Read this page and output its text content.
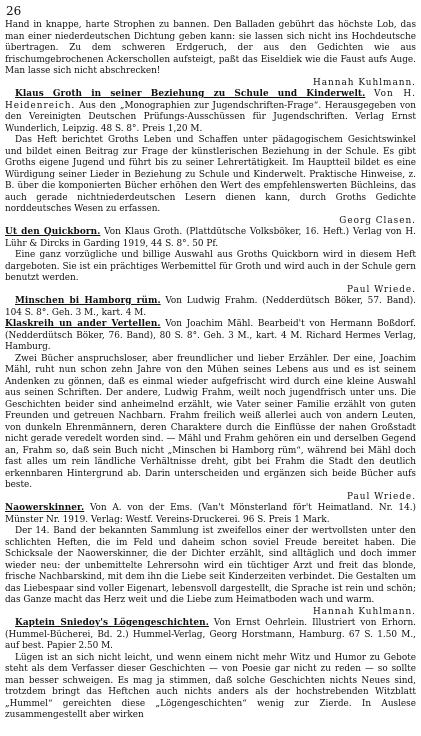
26

Hand in knappe, harte Strophen zu bannen. Den Balladen gebührt das höchste Lob, das man einer niederdeutschen Dichtung geben kann: sie lassen sich nicht ins Hochdeutsche übertragen. Zu dem schweren Erdgeruch, der aus den Gedichten wie aus frischumgebrochenen Ackerschollen aufsteigt, paßt das Eiseldiek wie die Faust aufs Auge. Man lasse sich nicht abschrecken!
Hannah Kuhlmann.

Klaus Groth in seiner Beziehung zu Schule und Kinderwelt. Von H. Heidenreich. Aus den „Monographien zur Jugendschriften-Frage“. Herausgegeben von den Vereinigten Deutschen Prüfungs-Ausschüssen für Jugendschriften. Verlag Ernst Wunderlich, Leipzig. 48 S. 8°. Preis 1,20 M.

Das Heft berichtet Groths Leben und Schaffen unter pädagogischem Gesichtswinkel und bildet einen Beitrag zur Frage der künstlerischen Beziehung in der Schule. Es gibt Groths eigene Jugend und führt bis zu seiner Lehrertätigkeit. Im Hauptteil bildet es eine Würdigung seiner Lieder in Beziehung zu Schule und Kinderwelt. Praktische Hinweise, z. B. über die komponierten Bücher erhöhen den Wert des empfehlenswerten Büchleins, das auch gerade nichtniederdeutschen Lesern dienen kann, durch Groths Gedichte norddeutsches Wesen zu erfassen.
Georg Clasen.

Ut den Quickborn. Von Klaus Groth. (Plattdütsche Volksböker, 16. Heft.) Verlag von H. Lühr & Dircks in Garding 1919, 44 S. 8°. 50 Pf.

Eine ganz vorzügliche und billige Auswahl aus Groths Quickborn wird in diesem Heft dargeboten. Sie ist ein prächtiges Werbemittel für Groth und wird auch in der Schule gern benutzt werden.
Paul Wriede.

Minschen bi Hamborg rüm. Von Ludwig Frahm. (Nedderdütsch Böker, 57. Band). 104 S. 8°. Geh. 3 M., kart. 4 M.

Klaskreih un ander Vertellen. Von Joachim Mähl. Bearbeid't von Hermann Boßdorf. (Nedderdütsch Böker, 76. Band), 80 S. 8°. Geh. 3 M., kart. 4 M. Richard Hermes Verlag, Hamburg.

Zwei Bücher anspruchsloser, aber freundlicher und lieber Erzähler. Der eine, Joachim Mähl, ruht nun schon zehn Jahre von den Mühen seines Lebens aus und es ist seinem Andenken zu gönnen, daß es einmal wieder aufgefrischt wird durch eine kleine Auswahl aus seinen Schriften. Der andere, Ludwig Frahm, weilt noch jugendfrisch unter uns. Die Geschichten beider sind anheimelnd erzählt, wie Vater seiner Familie erzählt von guten Freunden und getreuen Nachbarn. Frahm freilich weiß allerlei auch von andern Leuten, von dunkeln Ehrenmännern, deren Charaktere durch die Einflüsse der nahen Großstadt nicht gerade veredelt worden sind. — Mähl und Frahm gehören ein und derselben Gegend an, Frahm so, daß sein Buch nicht „Minschen bi Hamborg rüm“, während bei Mähl doch fast alles um rein ländliche Verhältnisse dreht, gibt bei Frahm die Stadt den deutlich erkennbaren Hintergrund ab. Darin unterscheiden und ergänzen sich beide Bücher aufs beste.
Paul Wriede.

Naowerskinner. Von A. von der Ems. (Van't Mönsterland för't Heimatland. Nr. 14.) Münster Nr. 1919. Verlag: Westf. Vereins-Druckerei. 96 S. Preis 1 Mark.

Der 14. Band der bekannten Sammlung ist zweifellos einer der wertvollsten unter den schlichten Heften, die im Feld und daheim schon soviel Freude bereitet haben. Die Schicksale der Naowerskinner, die der Dichter erzählt, sind alltäglich und doch immer wieder neu: der unbemittelte Lehrersohn wird ein tüchtiger Arzt und freit das blonde, frische Nachbarskind, mit dem ihn die Liebe seit Kinderzeiten verbindet. Die Gestalten um das Liebespaar sind voller Eigenart, lebensvoll dargestellt, die Sprache ist rein und schön; das Ganze macht das Herz weit und die Liebe zum Heimatboden wach und warm.
Hannah Kuhlmann.

Kaptein Sniedoy's Lögengeschichten. Von Ernst Oehrlein. Illustriert von Erhorn. (Hummel-Bücherei, Bd. 2.) Hummel-Verlag, Georg Horstmann, Hamburg. 67 S. 1.50 M., auf best. Papier 2.50 M.

Lügen ist an sich nicht leicht, und wenn einem nicht mehr Witz und Humor zu Gebote steht als dem Verfasser dieser Geschichten — von Poesie gar nicht zu reden — so sollte man besser schweigen. Es mag ja stimmen, daß solche Geschichten nichts Neues sind, trotzdem bringt das Heftchen auch nichts anders als der hochstrebenden Witzblatt „Hummel“ gereichten diese „Lögengeschichten“ wenig zur Zierde. In Auslese zusammengestellt aber wirken
